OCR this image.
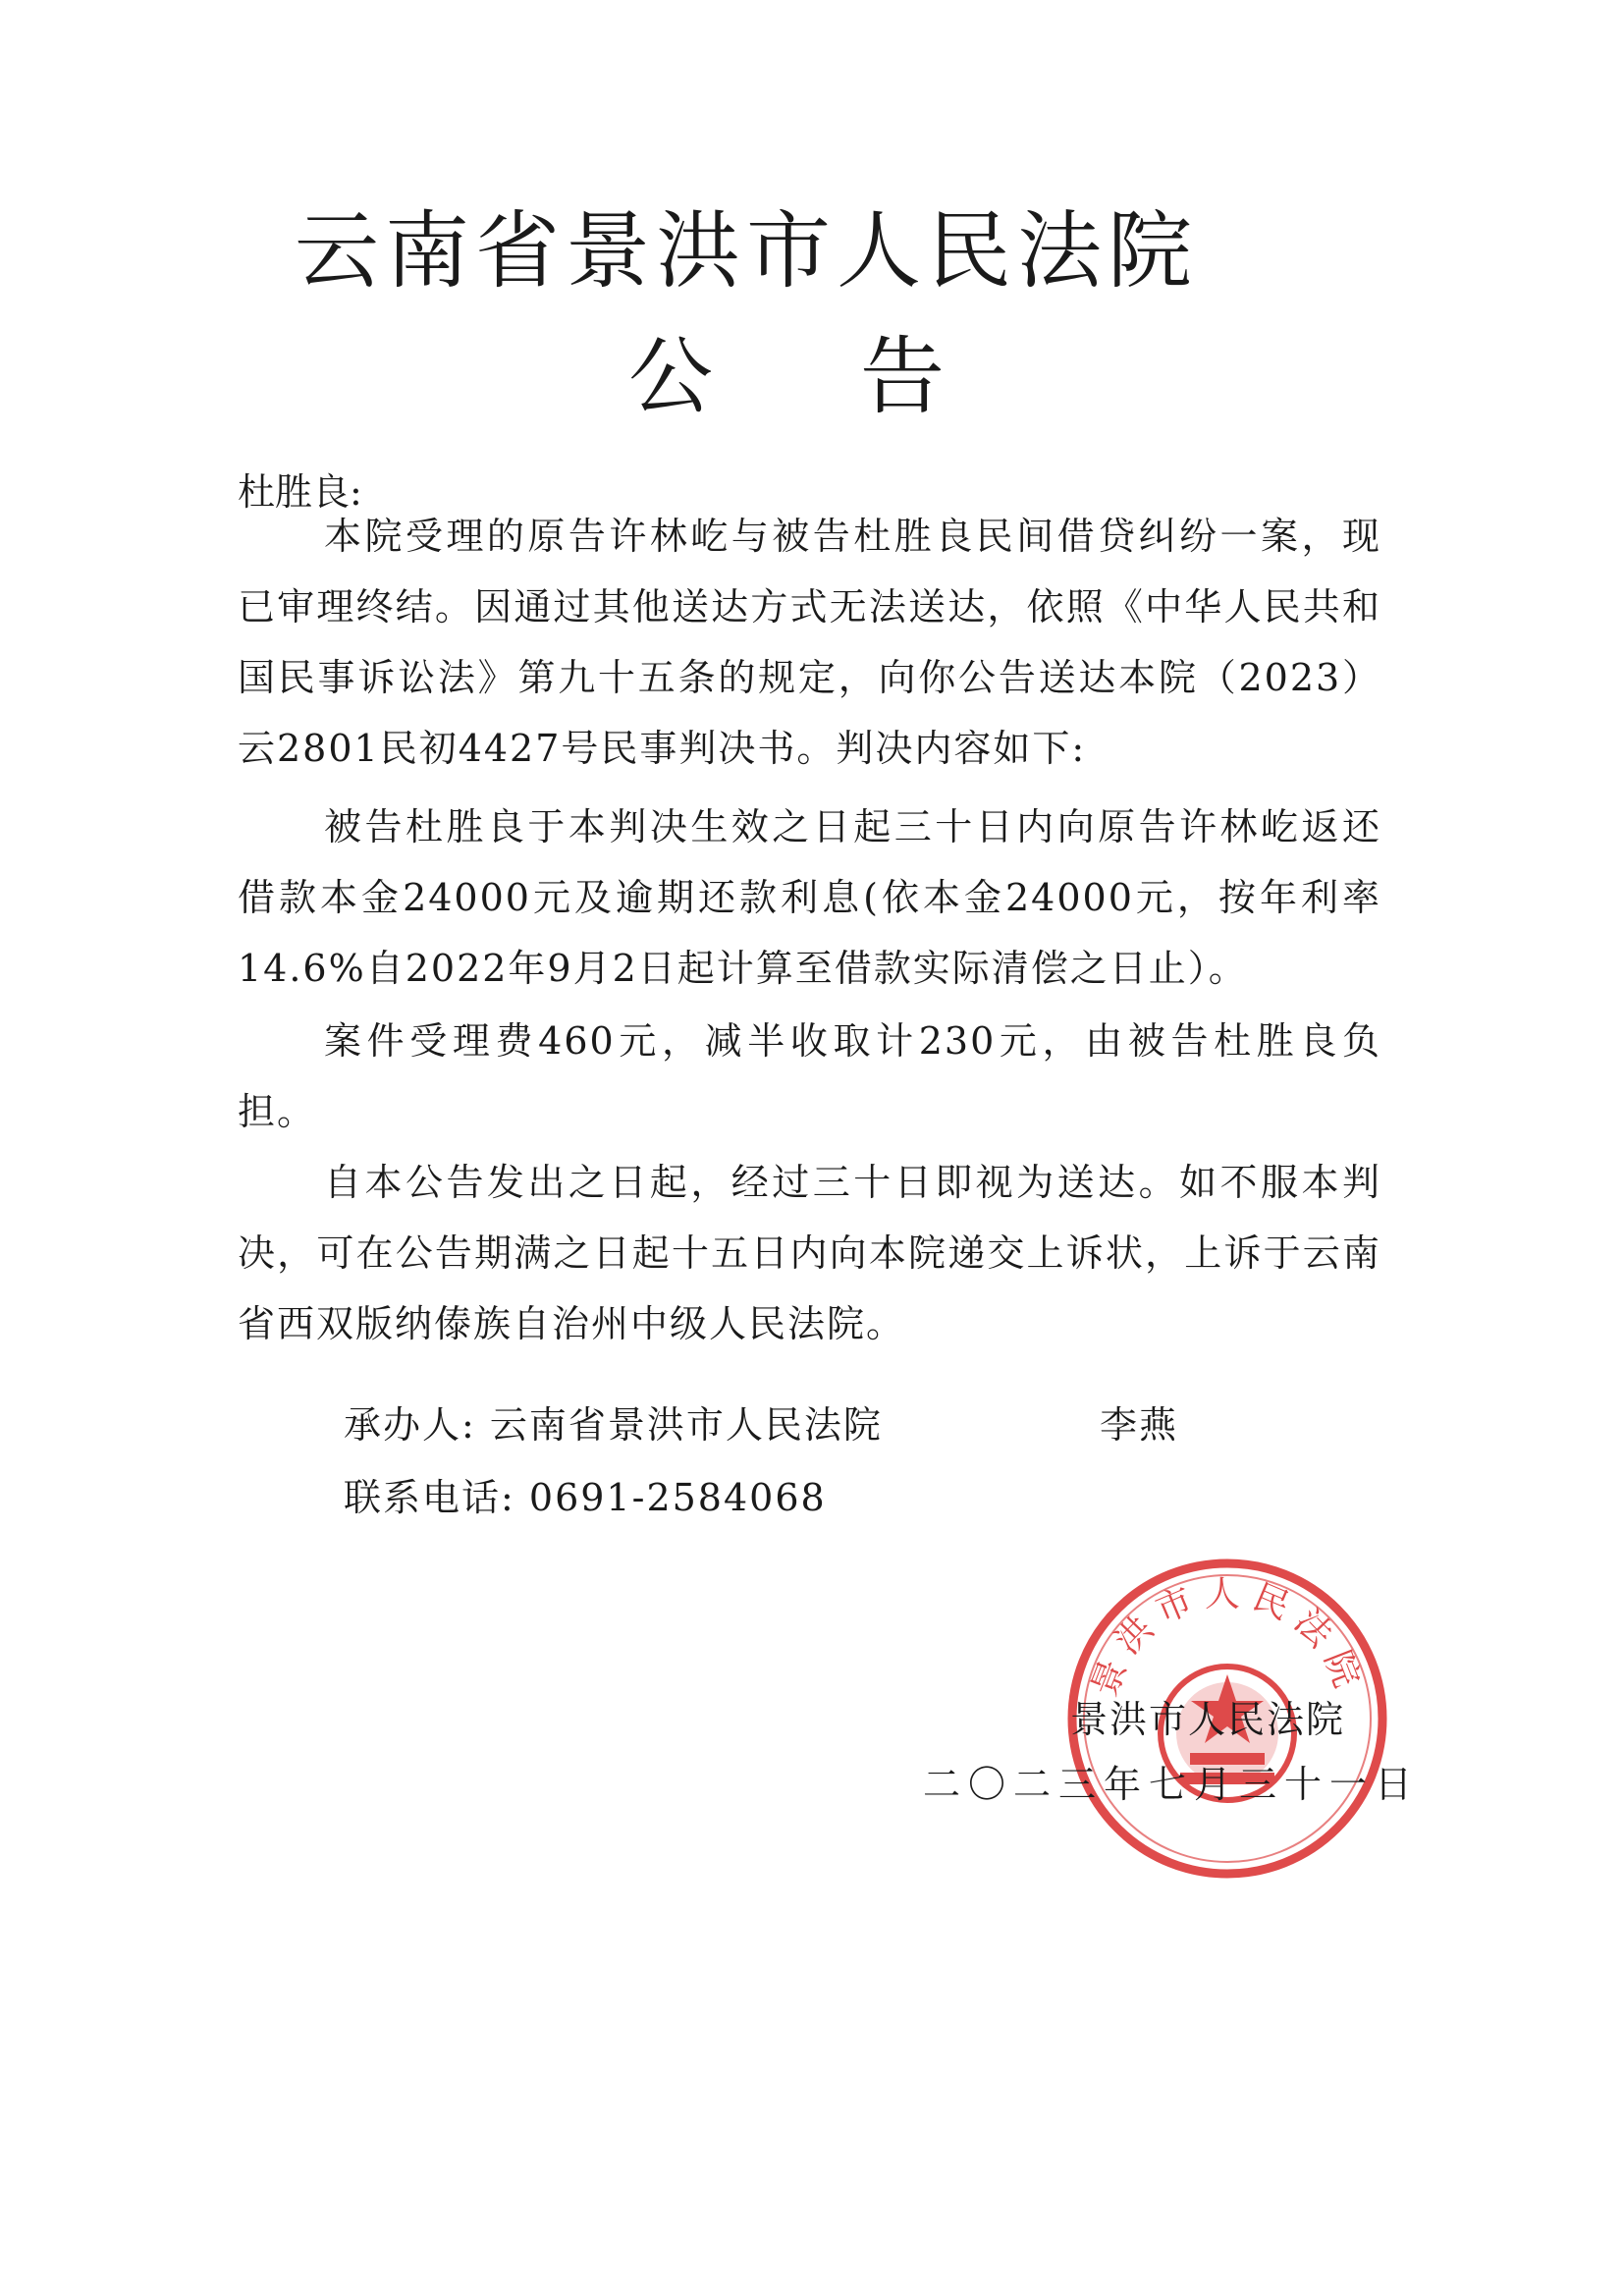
云南省景洪市人民法院
公告
杜胜良:

本院受理的原告许林屹与被告杜胜良民间借贷纠纷一案，现已审理终结。因通过其他送达方式无法送达，依照《中华人民共和国民事诉讼法》第九十五条的规定，向你公告送达本院（2023）云2801民初4427号民事判决书。判决内容如下:

被告杜胜良于本判决生效之日起三十日内向原告许林屹返还借款本金24000元及逾期还款利息(依本金24000元，按年利率14.6%自2022年9月2日起计算至借款实际清偿之日止）。

案件受理费460元，减半收取计230元，由被告杜胜良负担。

自本公告发出之日起，经过三十日即视为送达。如不服本判决，可在公告期满之日起十五日内向本院递交上诉状，上诉于云南省西双版纳傣族自治州中级人民法院。

承办人: 云南省景洪市人民法院	李燕
联系电话: 0691-2584068
景洪市人民法院
景洪市人民法院
二〇二三年七月三十一日
